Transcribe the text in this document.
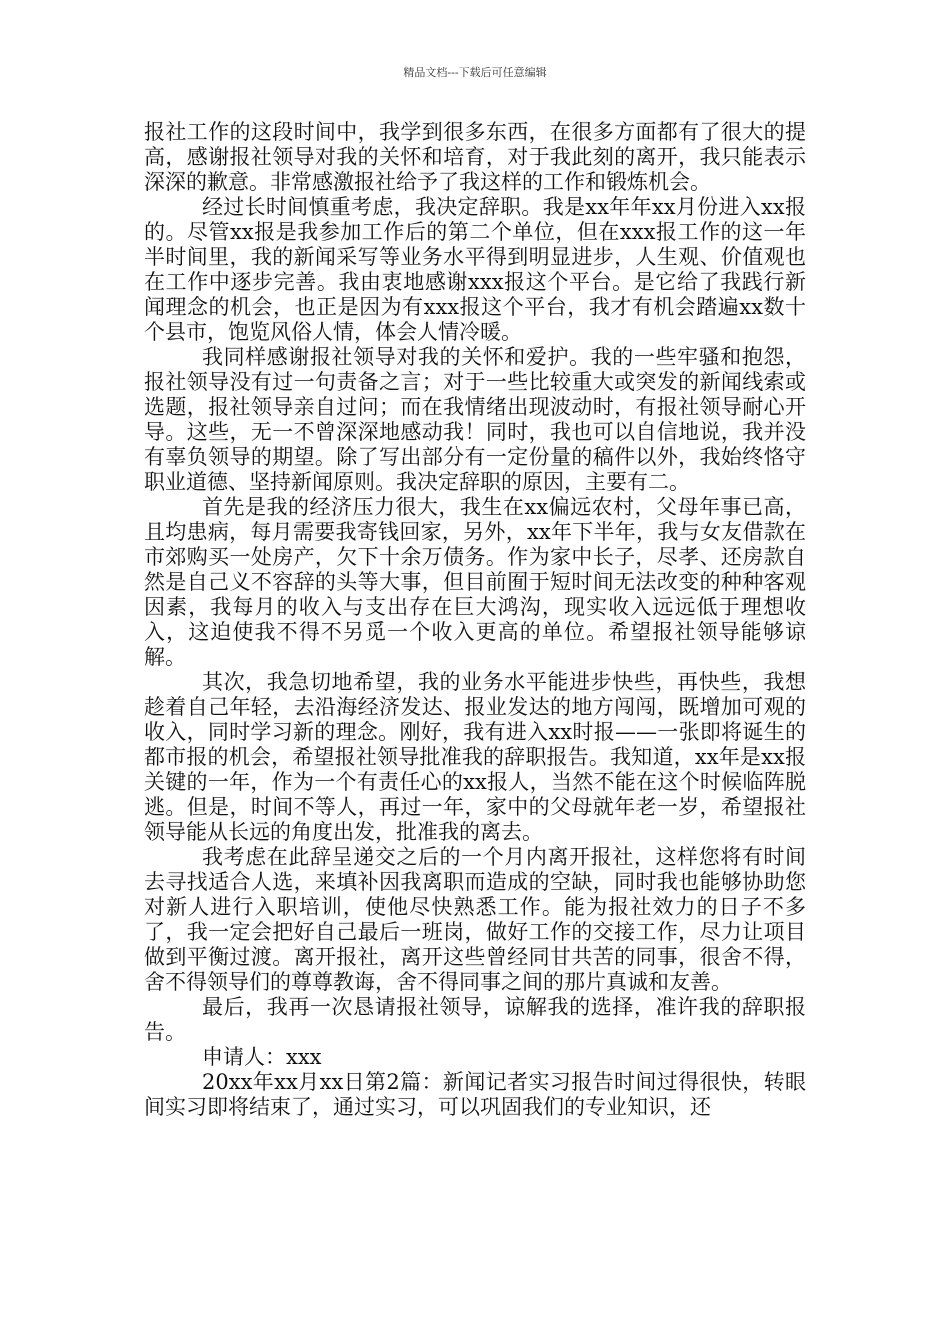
精品文档---下载后可任意编辑

报社工作的这段时间中，我学到很多东西，在很多方面都有了很大的提高，感谢报社领导对我的关怀和培育，对于我此刻的离开，我只能表示深深的歉意。非常感激报社给予了我这样的工作和锻炼机会。

经过长时间慎重考虑，我决定辞职。我是xx年年xx月份进入xx报的。尽管xx报是我参加工作后的第二个单位，但在xxx报工作的这一年半时间里，我的新闻采写等业务水平得到明显进步，人生观、价值观也在工作中逐步完善。我由衷地感谢xxx报这个平台。是它给了我践行新闻理念的机会，也正是因为有xxx报这个平台，我才有机会踏遍xx数十个县市，饱览风俗人情，体会人情冷暖。

我同样感谢报社领导对我的关怀和爱护。我的一些牢骚和抱怨，报社领导没有过一句责备之言；对于一些比较重大或突发的新闻线索或选题，报社领导亲自过问；而在我情绪出现波动时，有报社领导耐心开导。这些，无一不曾深深地感动我！同时，我也可以自信地说，我并没有辜负领导的期望。除了写出部分有一定份量的稿件以外，我始终恪守职业道德、坚持新闻原则。我决定辞职的原因，主要有二。

首先是我的经济压力很大，我生在xx偏远农村，父母年事已高，且均患病，每月需要我寄钱回家，另外，xx年下半年，我与女友借款在市郊购买一处房产，欠下十余万债务。作为家中长子，尽孝、还房款自然是自己义不容辞的头等大事，但目前囿于短时间无法改变的种种客观因素，我每月的收入与支出存在巨大鸿沟，现实收入远远低于理想收入，这迫使我不得不另觅一个收入更高的单位。希望报社领导能够谅解。

其次，我急切地希望，我的业务水平能进步快些，再快些，我想趁着自己年轻，去沿海经济发达、报业发达的地方闯闯，既增加可观的收入，同时学习新的理念。刚好，我有进入xx时报——一张即将诞生的都市报的机会，希望报社领导批准我的辞职报告。我知道，xx年是xx报关键的一年，作为一个有责任心的xx报人，当然不能在这个时候临阵脱逃。但是，时间不等人，再过一年，家中的父母就年老一岁，希望报社领导能从长远的角度出发，批准我的离去。

我考虑在此辞呈递交之后的一个月内离开报社，这样您将有时间去寻找适合人选，来填补因我离职而造成的空缺，同时我也能够协助您对新人进行入职培训，使他尽快熟悉工作。能为报社效力的日子不多了，我一定会把好自己最后一班岗，做好工作的交接工作，尽力让项目做到平衡过渡。离开报社，离开这些曾经同甘共苦的同事，很舍不得，舍不得领导们的尊尊教诲，舍不得同事之间的那片真诚和友善。

最后，我再一次恳请报社领导，谅解我的选择，准许我的辞职报告。

申请人：xxx

20xx年xx月xx日第2篇：新闻记者实习报告时间过得很快，转眼间实习即将结束了，通过实习，可以巩固我们的专业知识，还
